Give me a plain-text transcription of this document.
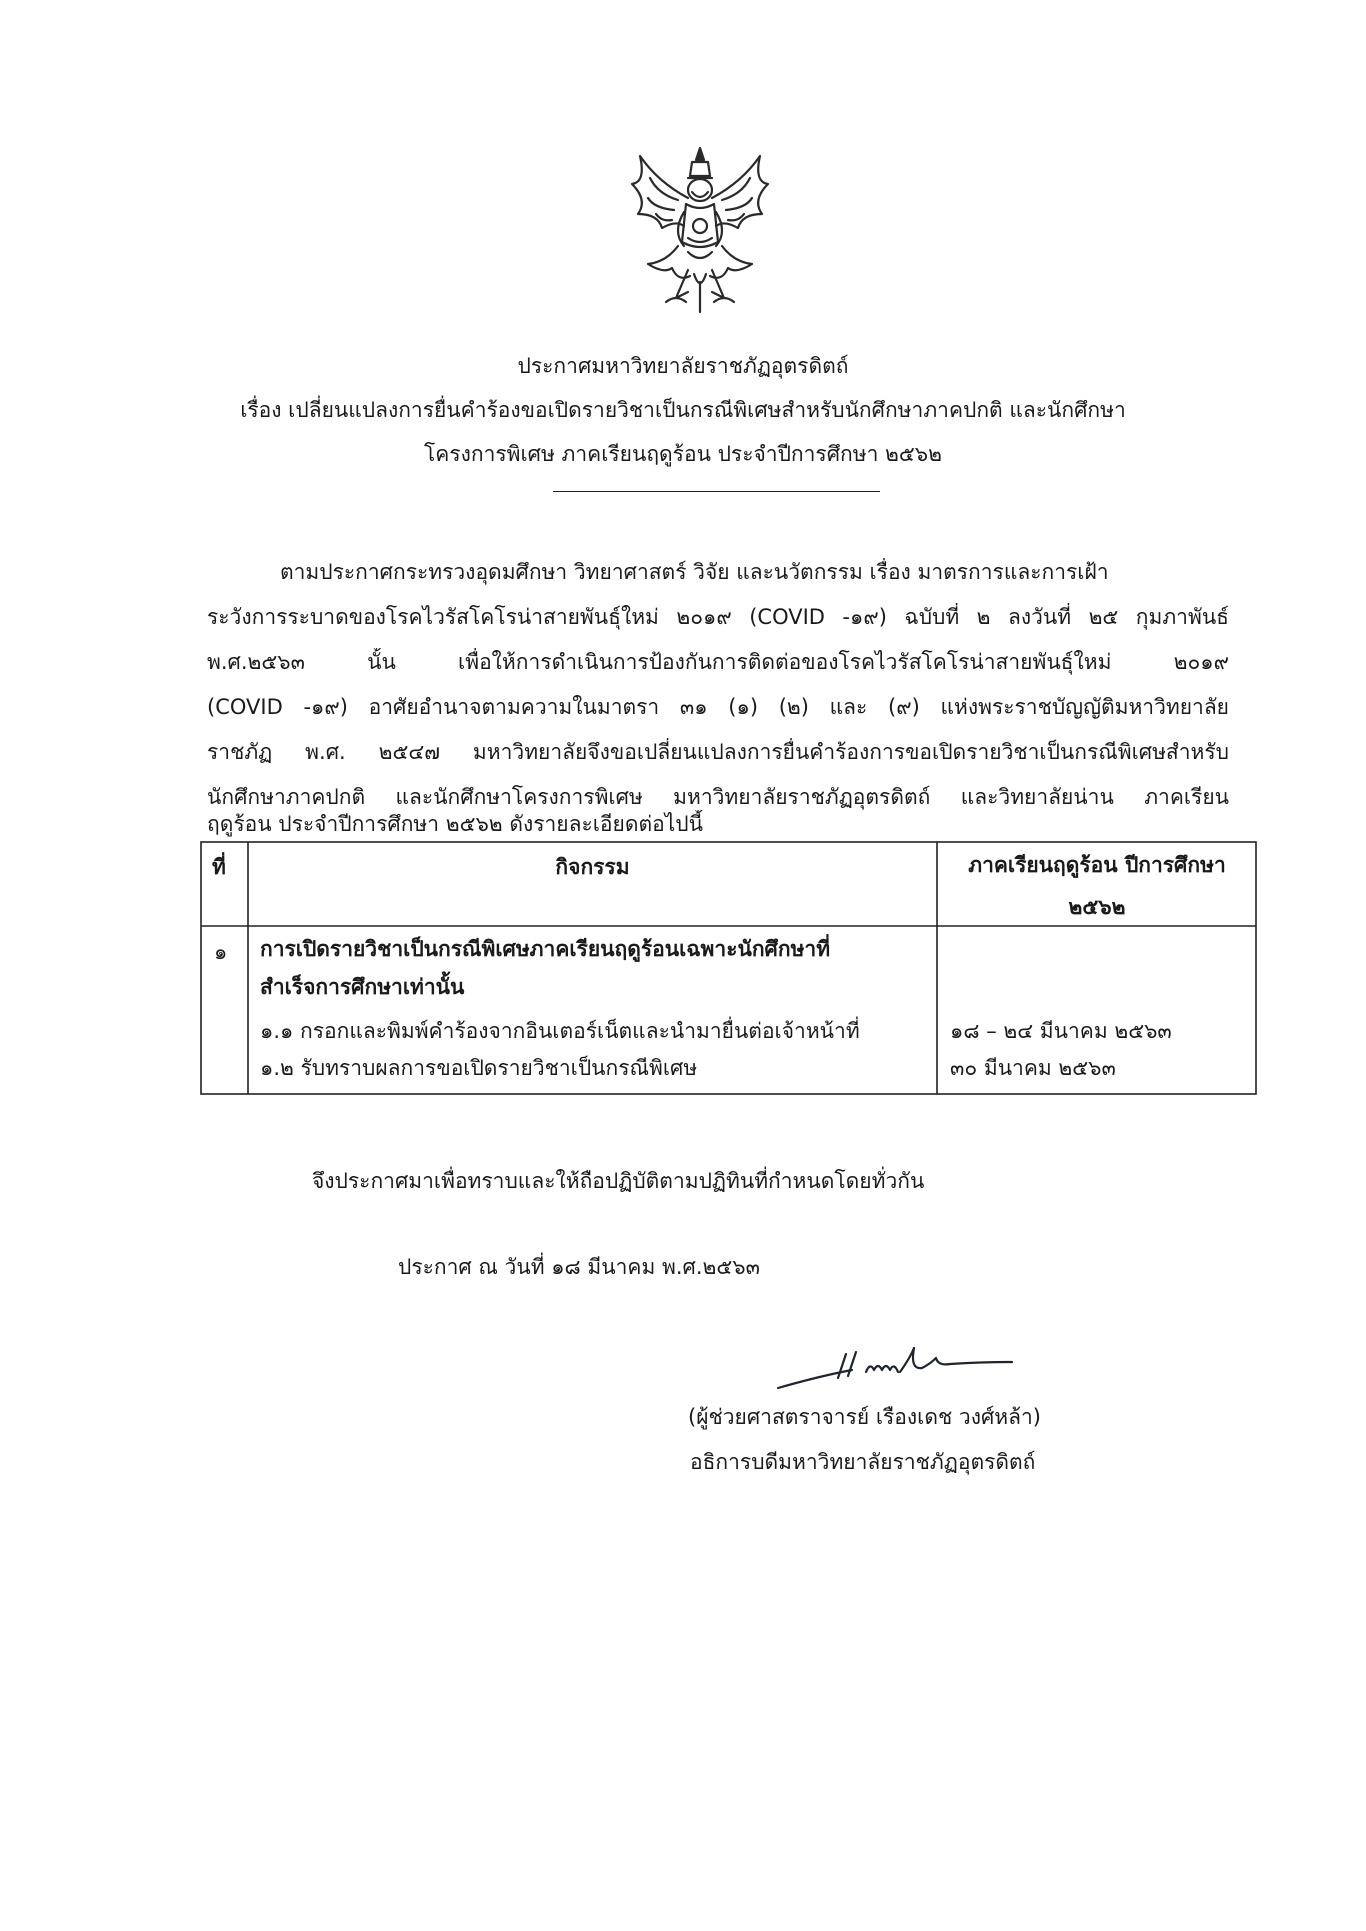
ประกาศมหาวิทยาลัยราชภัฏอุตรดิตถ์
เรื่อง เปลี่ยนแปลงการยื่นคำร้องขอเปิดรายวิชาเป็นกรณีพิเศษสำหรับนักศึกษาภาคปกติ และนักศึกษา
โครงการพิเศษ ภาคเรียนฤดูร้อน ประจำปีการศึกษา ๒๕๖๒
ตามประกาศกระทรวงอุดมศึกษา วิทยาศาสตร์ วิจัย และนวัตกรรม เรื่อง มาตรการและการเฝ้า
ระวังการระบาดของโรคไวรัสโคโรน่าสายพันธุ์ใหม่ ๒๐๑๙ (COVID -๑๙) ฉบับที่ ๒ ลงวันที่ ๒๕ กุมภาพันธ์
พ.ศ.๒๕๖๓ นั้น เพื่อให้การดำเนินการป้องกันการติดต่อของโรคไวรัสโคโรน่าสายพันธุ์ใหม่ ๒๐๑๙
(COVID -๑๙) อาศัยอำนาจตามความในมาตรา ๓๑ (๑) (๒) และ (๙) แห่งพระราชบัญญัติมหาวิทยาลัย
ราชภัฏ พ.ศ. ๒๕๔๗ มหาวิทยาลัยจึงขอเปลี่ยนแปลงการยื่นคำร้องการขอเปิดรายวิชาเป็นกรณีพิเศษสำหรับ
นักศึกษาภาคปกติ และนักศึกษาโครงการพิเศษ มหาวิทยาลัยราชภัฏอุตรดิตถ์ และวิทยาลัยน่าน ภาคเรียน
ฤดูร้อน ประจำปีการศึกษา ๒๕๖๒ ดังรายละเอียดต่อไปนี้
ที่	กิจกรรม	ภาคเรียนฤดูร้อน ปีการศึกษา
๒๕๖๒
๑ การเปิดรายวิชาเป็นกรณีพิเศษภาคเรียนฤดูร้อนเฉพาะนักศึกษาที่
สำเร็จการศึกษาเท่านั้น
๑.๑ กรอกและพิมพ์คำร้องจากอินเตอร์เน็ตและนำมายื่นต่อเจ้าหน้าที่	๑๘ – ๒๔ มีนาคม ๒๕๖๓
๑.๒ รับทราบผลการขอเปิดรายวิชาเป็นกรณีพิเศษ	๓๐ มีนาคม ๒๕๖๓
จึงประกาศมาเพื่อทราบและให้ถือปฏิบัติตามปฏิทินที่กำหนดโดยทั่วกัน
ประกาศ ณ วันที่ ๑๘ มีนาคม พ.ศ.๒๕๖๓
(ผู้ช่วยศาสตราจารย์ เรืองเดช วงศ์หล้า)
อธิการบดีมหาวิทยาลัยราชภัฏอุตรดิตถ์
